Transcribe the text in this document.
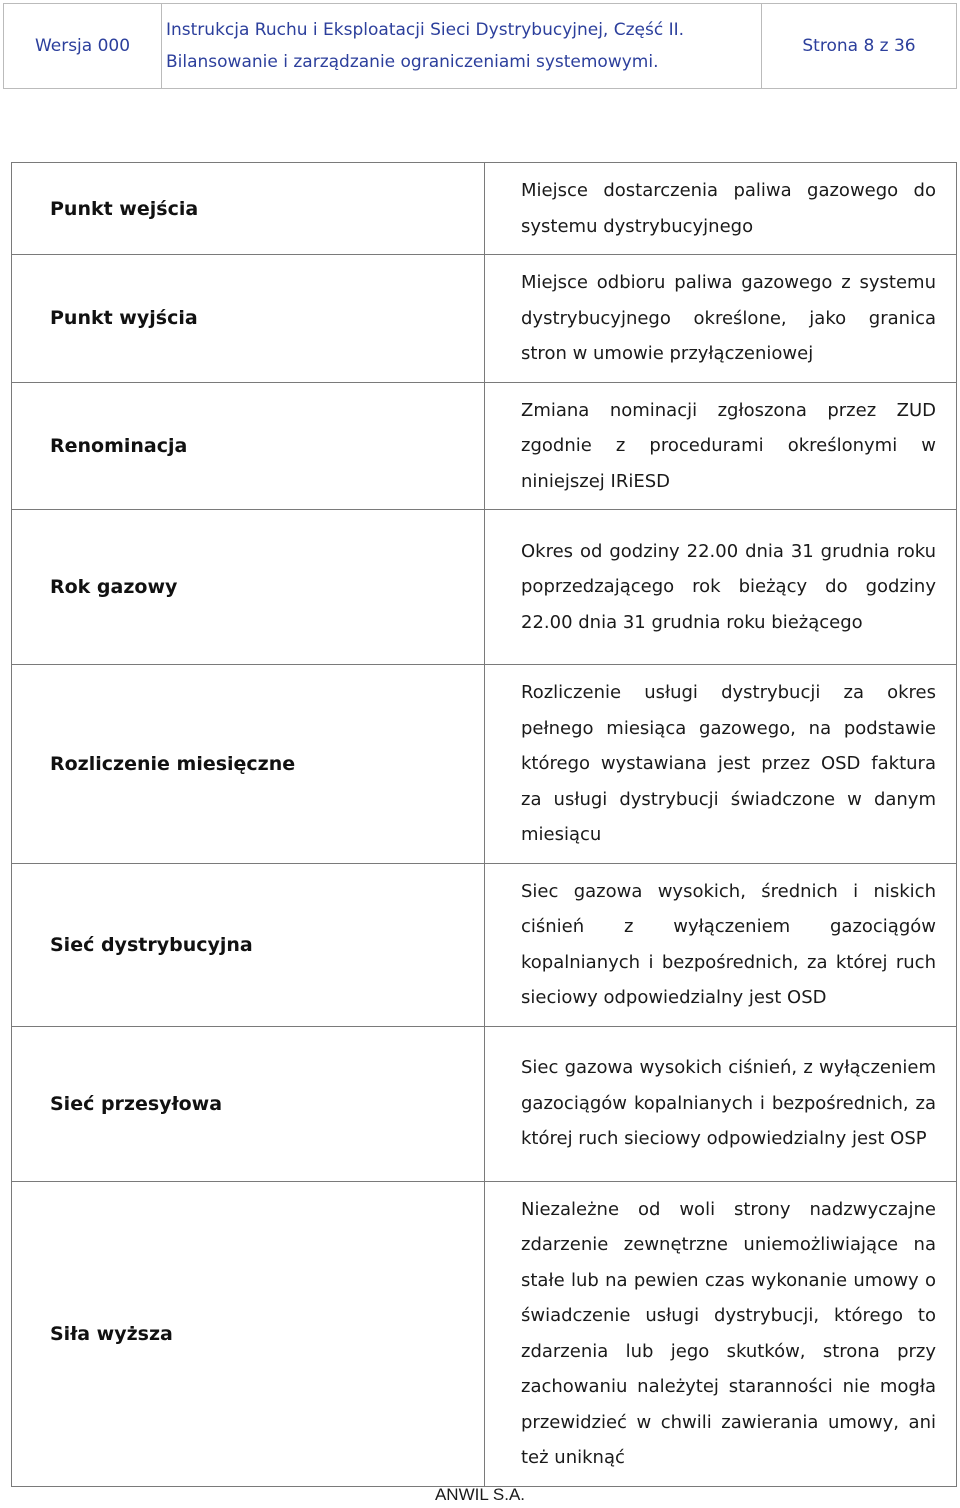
Wersja 000	
Instrukcja Ruchu i Eksploatacji Sieci Dystrybucyjnej, Część II.
Bilansowanie i zarządzanie ograniczeniami systemowymi.
	Strona 8 z 36
Punkt wejścia	Miejsce dostarczenia paliwa gazowego do systemu dystrybucyjnego
Punkt wyjścia	Miejsce odbioru paliwa gazowego z systemu dystrybucyjnego określone, jako granica stron w umowie przyłączeniowej
Renominacja	Zmiana nominacji zgłoszona przez ZUD zgodnie z procedurami określonymi w niniejszej IRiESD
Rok gazowy	Okres od godziny 22.00 dnia 31 grudnia roku poprzedzającego rok bieżący do godziny 22.00 dnia 31 grudnia roku bieżącego
Rozliczenie miesięczne	Rozliczenie usługi dystrybucji za okres pełnego miesiąca gazowego, na podstawie którego wystawiana jest przez OSD faktura za usługi dystrybucji świadczone w danym miesiącu
Sieć dystrybucyjna	Siec gazowa wysokich, średnich i niskich ciśnień z wyłączeniem gazociągów kopalnianych i bezpośrednich, za której ruch sieciowy odpowiedzialny jest OSD
Sieć przesyłowa	Siec gazowa wysokich ciśnień, z wyłączeniem gazociągów kopalnianych i bezpośrednich, za której ruch sieciowy odpowiedzialny jest OSP
Siła wyższa	Niezależne od woli strony nadzwyczajne zdarzenie zewnętrzne uniemożliwiające na stałe lub na pewien czas wykonanie umowy o świadczenie usługi dystrybucji, którego to zdarzenia lub jego skutków, strona przy zachowaniu należytej staranności nie mogła przewidzieć w chwili zawierania umowy, ani też uniknąć
ANWIL S.A.
